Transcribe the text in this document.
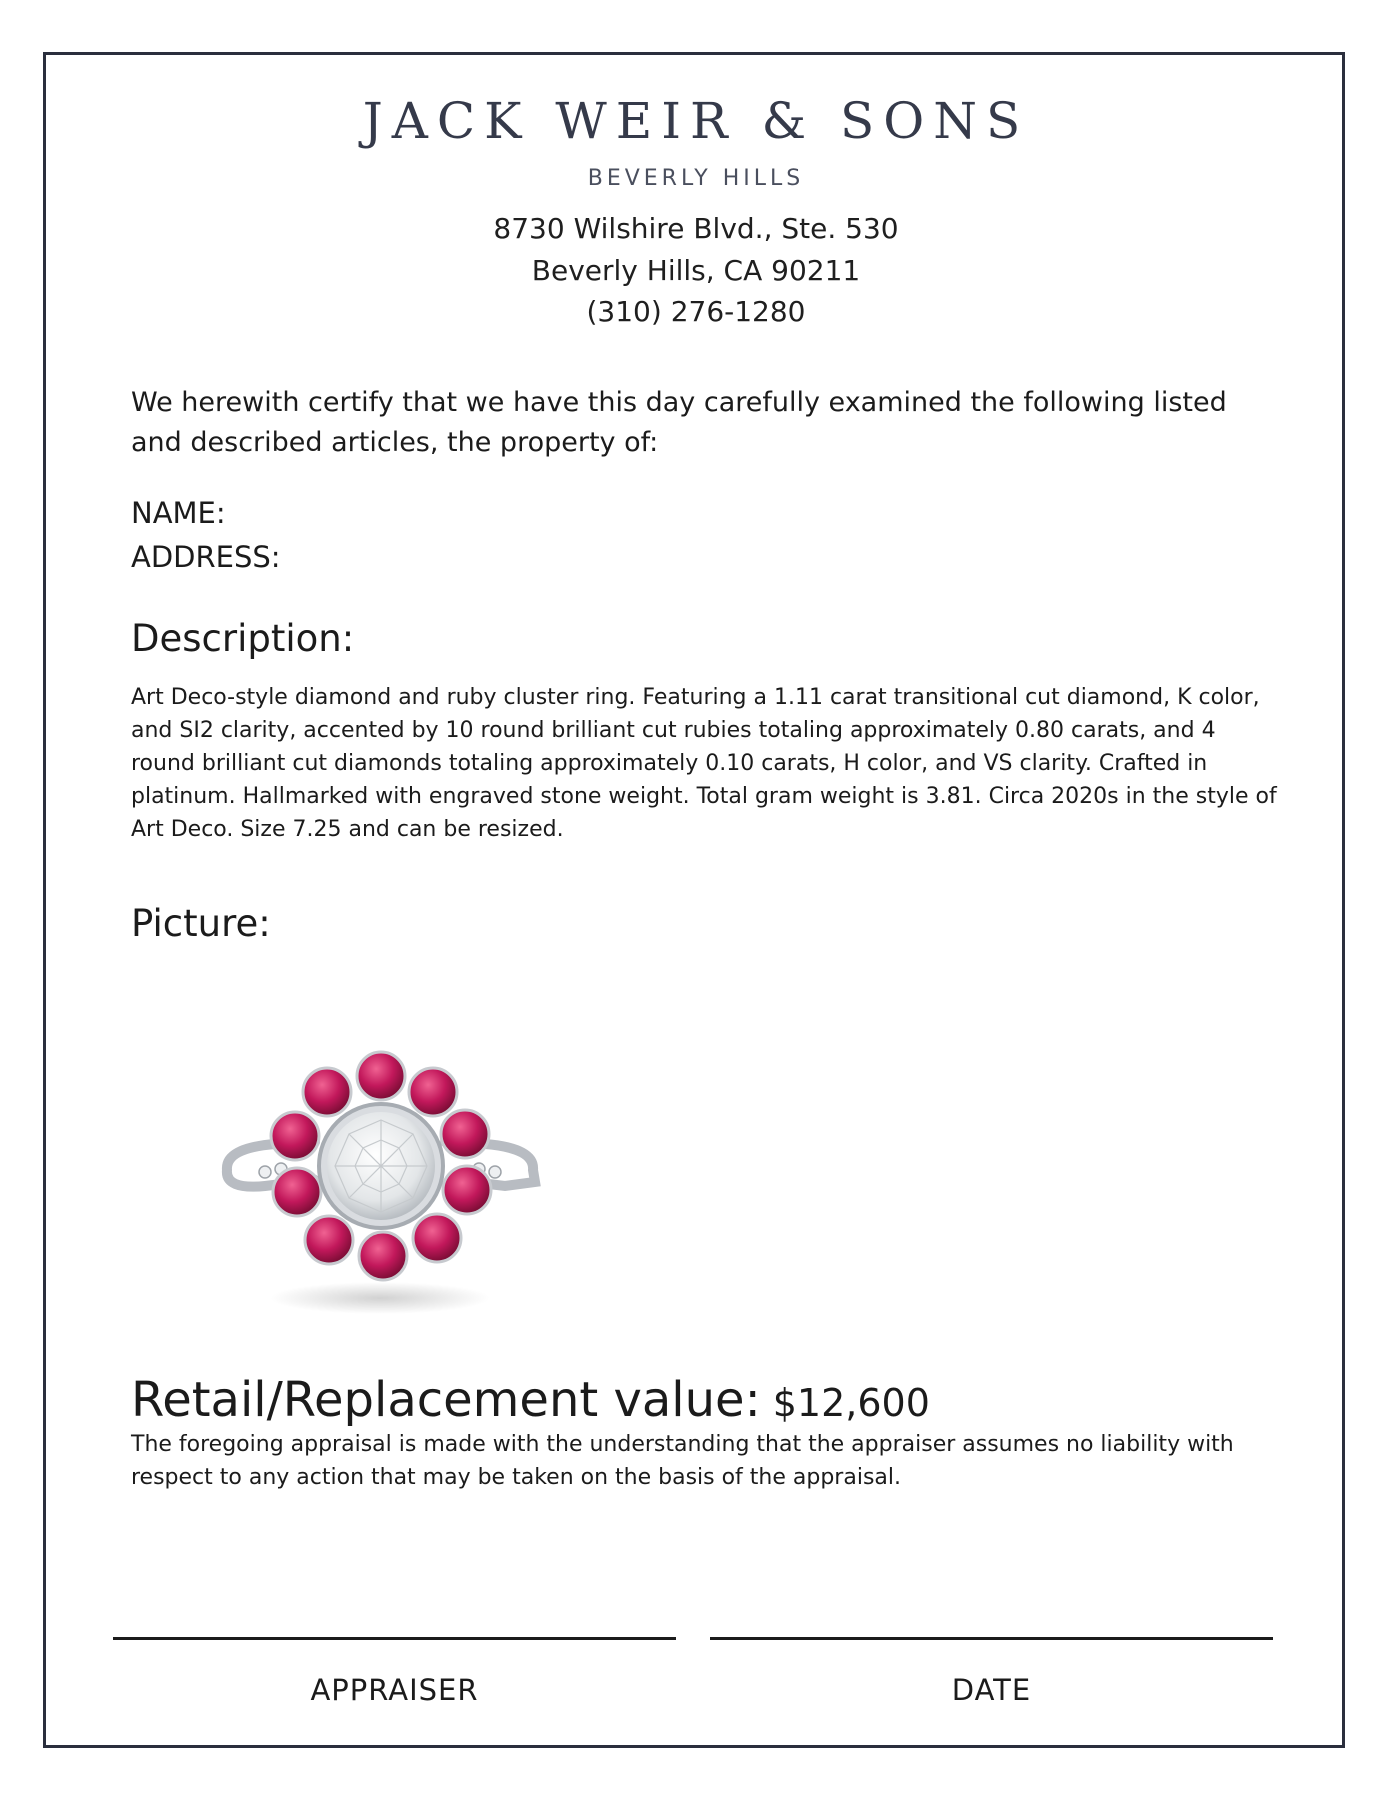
JACK WEIR & SONS
BEVERLY HILLS
8730 Wilshire Blvd., Ste. 530
Beverly Hills, CA 90211
(310) 276-1280
We herewith certify that we have this day carefully examined the following listed and described articles, the property of:
NAME:
ADDRESS:
Description:
Art Deco-style diamond and ruby cluster ring. Featuring a 1.11 carat transitional cut diamond, K color, and SI2 clarity, accented by 10 round brilliant cut rubies totaling approximately 0.80 carats, and 4 round brilliant cut diamonds totaling approximately 0.10 carats, H color, and VS clarity. Crafted in platinum. Hallmarked with engraved stone weight. Total gram weight is 3.81. Circa 2020s in the style of Art Deco. Size 7.25 and can be resized.
Picture:
Retail/Replacement value: $12,600
The foregoing appraisal is made with the understanding that the appraiser assumes no liability with respect to any action that may be taken on the basis of the appraisal.
APPRAISER	DATE
